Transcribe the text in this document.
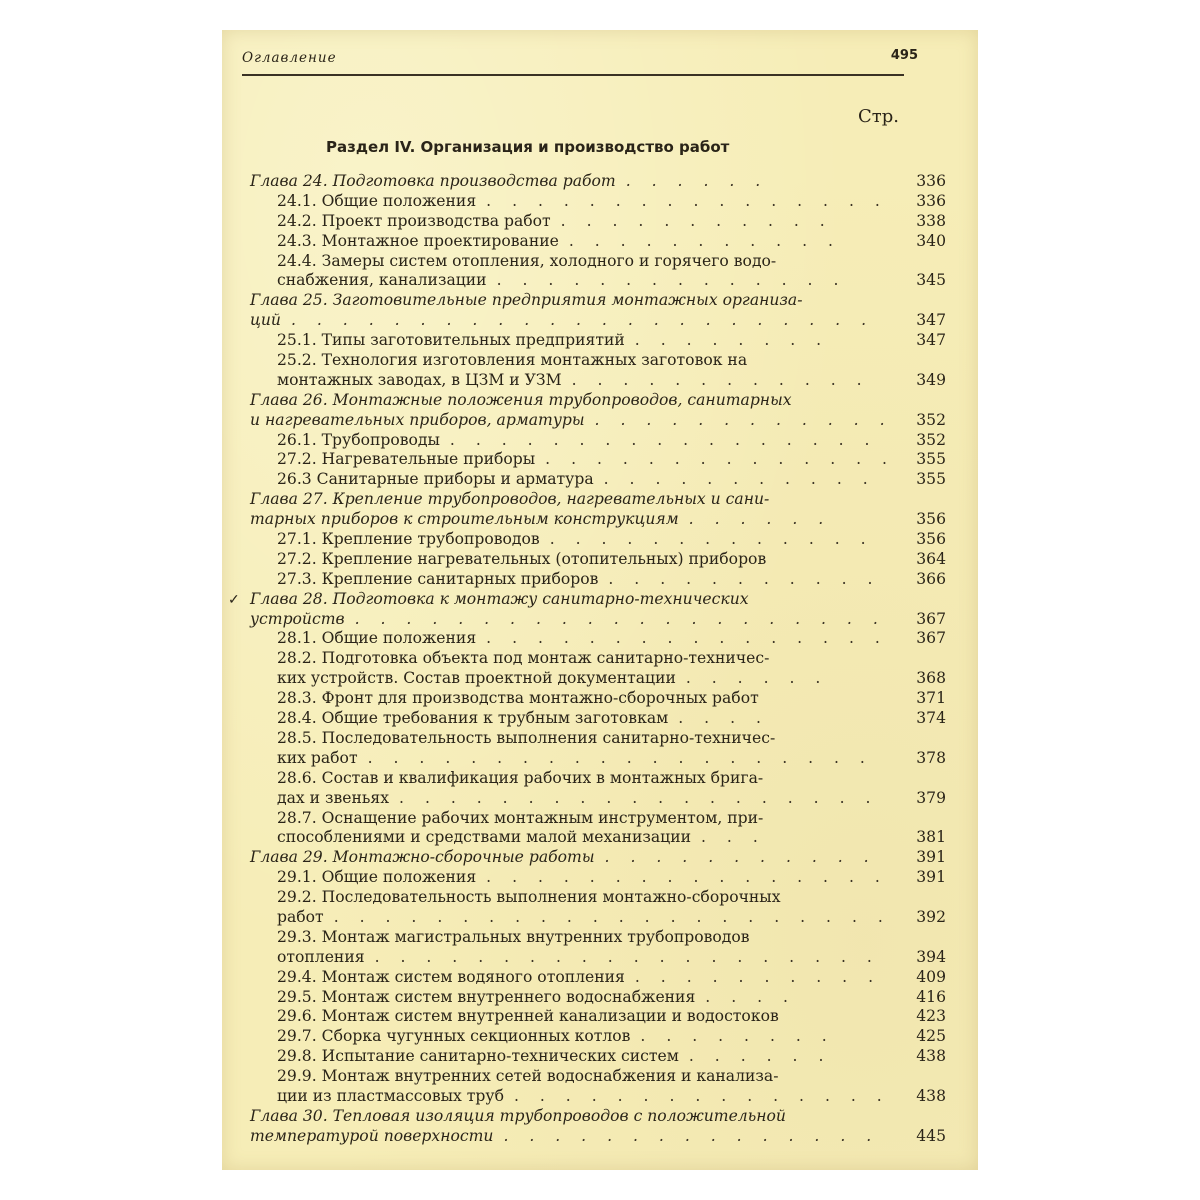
Оглавление	495
Стр.
Раздел IV. Организация и производство работ
Глава 24. Подготовка производства работ . . . . . .	336
24.1. Общие положения . . . . . . . . . . . . . . . .	336
24.2. Проект производства работ . . . . . . . . . . .	338
24.3. Монтажное проектирование . . . . . . . . . . .	340
24.4. Замеры систем отопления, холодного и горячего водо-
снабжения, канализации . . . . . . . . . . . . . .	345
Глава 25. Заготовительные предприятия монтажных организа-
ций . . . . . . . . . . . . . . . . . . . . . . .	347
25.1. Типы заготовительных предприятий . . . . . . . .	347
25.2. Технология изготовления монтажных заготовок на
монтажных заводах, в ЦЗМ и УЗМ . . . . . . . . . . . .	349
Глава 26. Монтажные положения трубопроводов, санитарных
и нагревательных приборов, арматуры . . . . . . . . . . . .	352
26.1. Трубопроводы . . . . . . . . . . . . . . . . .	352
27.2. Нагревательные приборы . . . . . . . . . . . . . .	355
26.3 Санитарные приборы и арматура . . . . . . . . . . .	355
Глава 27. Крепление трубопроводов, нагревательных и сани-
тарных приборов к строительным конструкциям . . . . . .	356
27.1. Крепление трубопроводов . . . . . . . . . . . . .	356
27.2. Крепление нагревательных (отопительных) приборов	364
27.3. Крепление санитарных приборов . . . . . . . . . . .	366
✓ Глава 28. Подготовка к монтажу санитарно-технических
устройств . . . . . . . . . . . . . . . . . . . . .	367
28.1. Общие положения . . . . . . . . . . . . . . . .	367
28.2. Подготовка объекта под монтаж санитарно-техничес-
ких устройств. Состав проектной документации . . . . . .	368
28.3. Фронт для производства монтажно-сборочных работ	371
28.4. Общие требования к трубным заготовкам . . . .	374
28.5. Последовательность выполнения санитарно-техничес-
ких работ . . . . . . . . . . . . . . . . . . . .	378
28.6. Состав и квалификация рабочих в монтажных брига-
дах и звеньях . . . . . . . . . . . . . . . . . . .	379
28.7. Оснащение рабочих монтажным инструментом, при-
способлениями и средствами малой механизации . . .	381
Глава 29. Монтажно-сборочные работы . . . . . . . . . . .	391
29.1. Общие положения . . . . . . . . . . . . . . . .	391
29.2. Последовательность выполнения монтажно-сборочных
работ . . . . . . . . . . . . . . . . . . . . . .	392
29.3. Монтаж магистральных внутренних трубопроводов
отопления . . . . . . . . . . . . . . . . . . . .	394
29.4. Монтаж систем водяного отопления . . . . . . . . . .	409
29.5. Монтаж систем внутреннего водоснабжения . . . .	416
29.6. Монтаж систем внутренней канализации и водостоков	423
29.7. Сборка чугунных секционных котлов . . . . . . . .	425
29.8. Испытание санитарно-технических систем . . . . . .	438
29.9. Монтаж внутренних сетей водоснабжения и канализа-
ции из пластмассовых труб . . . . . . . . . . . . . . .	438
Глава 30. Тепловая изоляция трубопроводов с положительной
температурой поверхности . . . . . . . . . . . . . . .	445
